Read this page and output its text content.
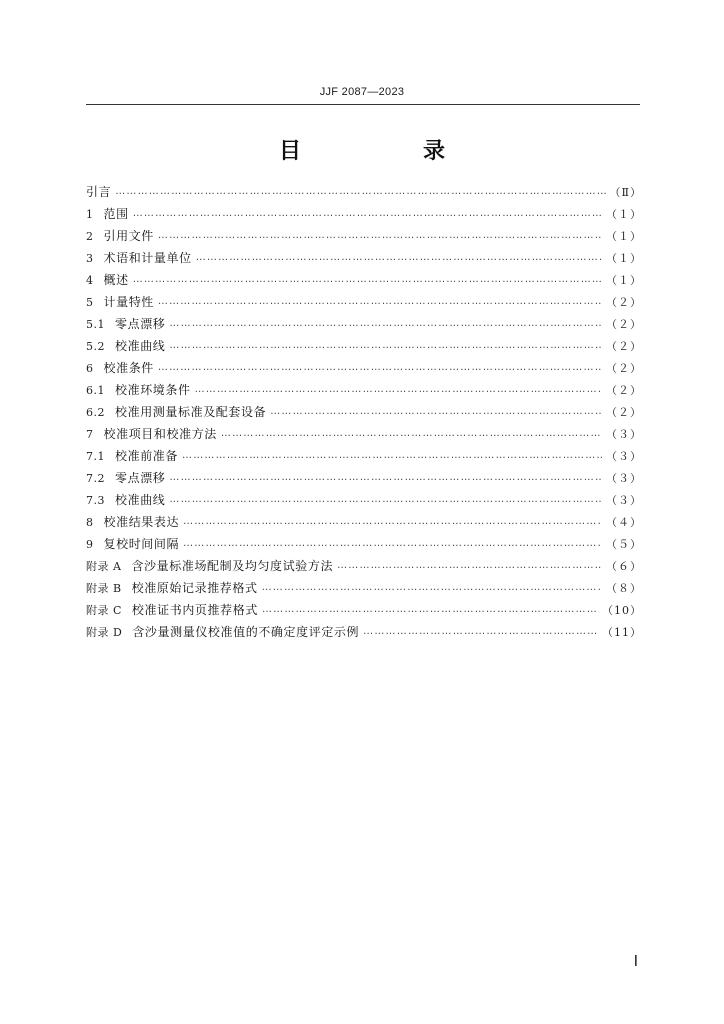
JJF 2087—2023
目　录
引言 …………………………………………………………………………………………………………………………………………………………………………………………………………	（Ⅱ）
1 范围 …………………………………………………………………………………………………………………………………………………………………………………………………………	（１）
2 引用文件 …………………………………………………………………………………………………………………………………………………………………………………………………………	（１）
3 术语和计量单位 …………………………………………………………………………………………………………………………………………………………………………………………………………	（１）
4 概述 …………………………………………………………………………………………………………………………………………………………………………………………………………	（１）
5 计量特性 …………………………………………………………………………………………………………………………………………………………………………………………………………	（２）
5.1 零点漂移 …………………………………………………………………………………………………………………………………………………………………………………………………………	（２）
5.2 校准曲线 …………………………………………………………………………………………………………………………………………………………………………………………………………	（２）
6 校准条件 …………………………………………………………………………………………………………………………………………………………………………………………………………	（２）
6.1 校准环境条件 …………………………………………………………………………………………………………………………………………………………………………………………………………	（２）
6.2 校准用测量标准及配套设备 …………………………………………………………………………………………………………………………………………………………………………………………………………	（２）
7 校准项目和校准方法 …………………………………………………………………………………………………………………………………………………………………………………………………………	（３）
7.1 校准前准备 …………………………………………………………………………………………………………………………………………………………………………………………………………	（３）
7.2 零点漂移 …………………………………………………………………………………………………………………………………………………………………………………………………………	（３）
7.3 校准曲线 …………………………………………………………………………………………………………………………………………………………………………………………………………	（３）
8 校准结果表达 …………………………………………………………………………………………………………………………………………………………………………………………………………	（４）
9 复校时间间隔 …………………………………………………………………………………………………………………………………………………………………………………………………………	（５）
附录 A 含沙量标准场配制及均匀度试验方法 …………………………………………………………………………………………………………………………………………………………………………………………………………	（６）
附录 B 校准原始记录推荐格式 …………………………………………………………………………………………………………………………………………………………………………………………………………	（８）
附录 C 校准证书内页推荐格式 …………………………………………………………………………………………………………………………………………………………………………………………………………	（10）
附录 D 含沙量测量仪校准值的不确定度评定示例 …………………………………………………………………………………………………………………………………………………………………………………………………………	（11）
Ⅰ
